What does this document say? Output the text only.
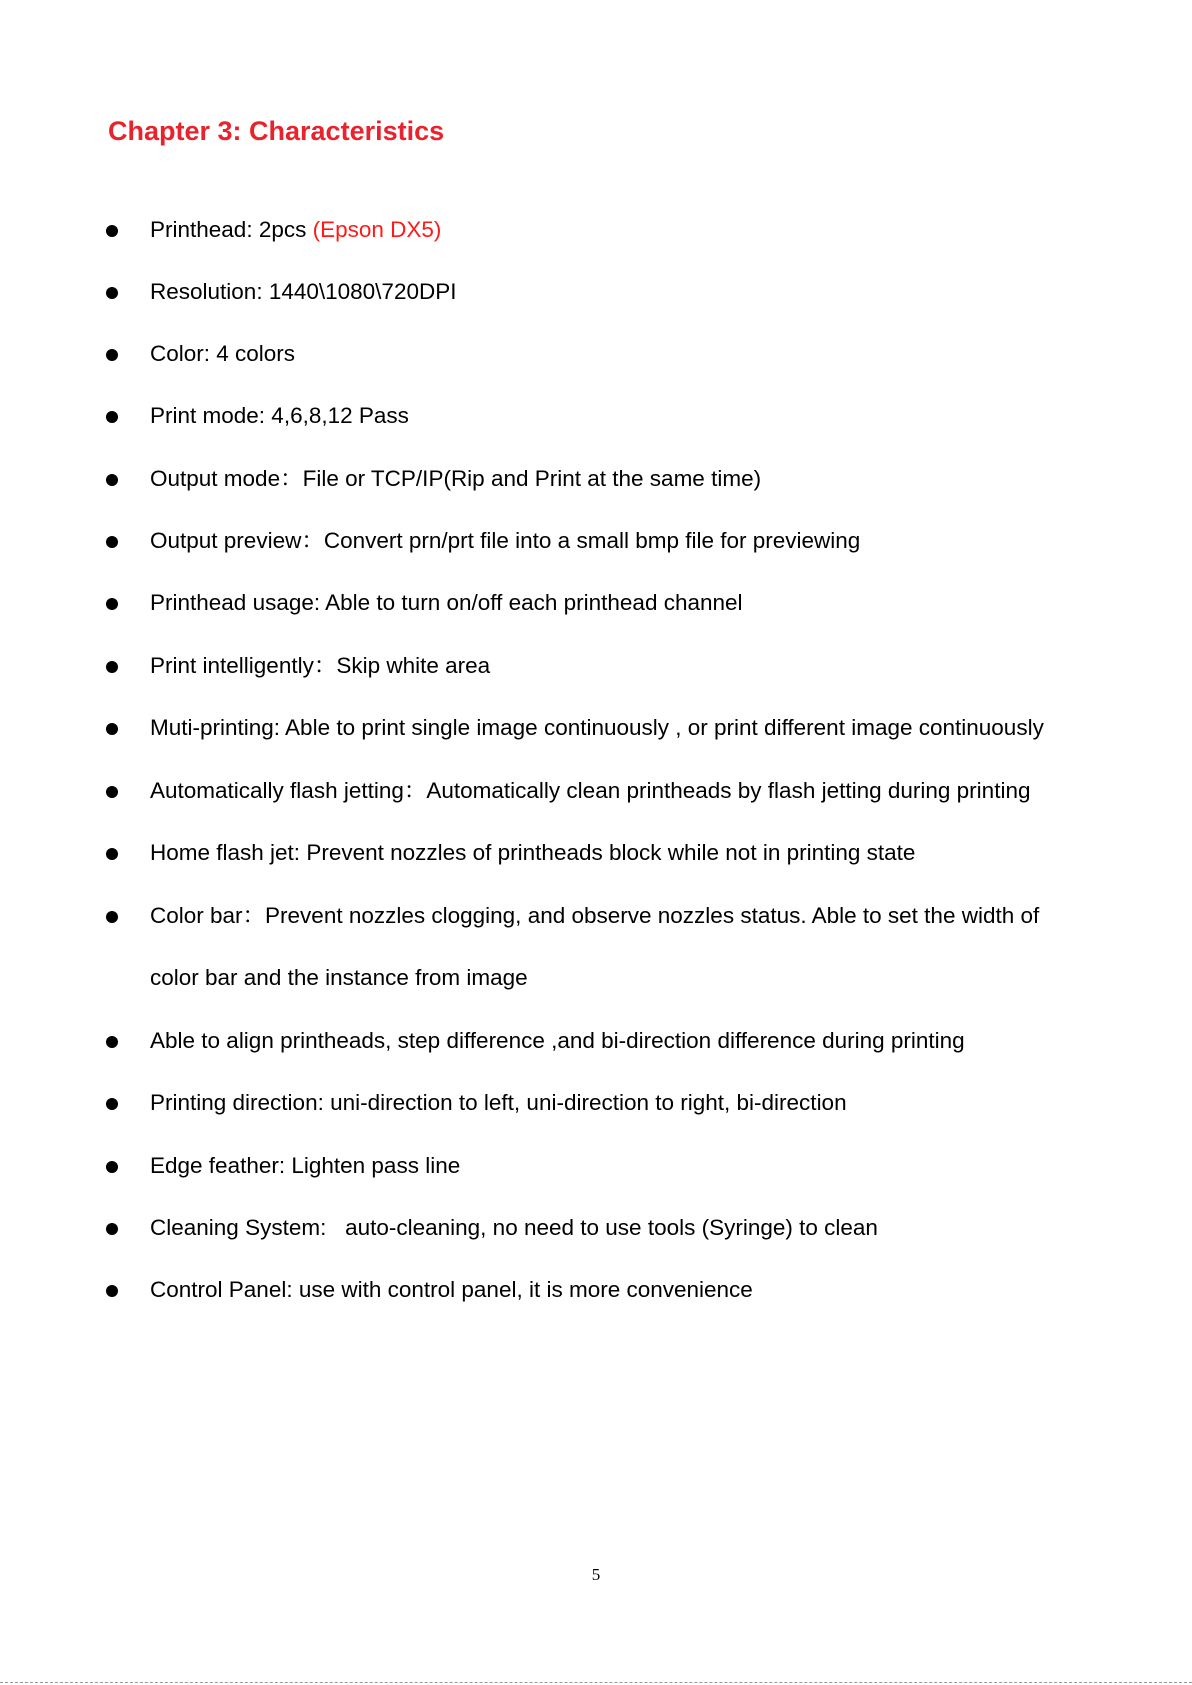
Chapter 3: Characteristics
Printhead: 2pcs (Epson DX5)
Resolution: 1440\1080\720DPI
Color: 4 colors
Print mode: 4,6,8,12 Pass
Output mode：File or TCP/IP(Rip and Print at the same time)
Output preview：Convert prn/prt file into a small bmp file for previewing
Printhead usage: Able to turn on/off each printhead channel
Print intelligently：Skip white area
Muti-printing: Able to print single image continuously , or print different image continuously
Automatically flash jetting：Automatically clean printheads by flash jetting during printing
Home flash jet: Prevent nozzles of printheads block while not in printing state
Color bar：Prevent nozzles clogging, and observe nozzles status. Able to set the width of
color bar and the instance from image
Able to align printheads, step difference ,and bi-direction difference during printing
Printing direction: uni-direction to left, uni-direction to right, bi-direction
Edge feather: Lighten pass line
Cleaning System:   auto-cleaning, no need to use tools (Syringe) to clean
Control Panel: use with control panel, it is more convenience
5
